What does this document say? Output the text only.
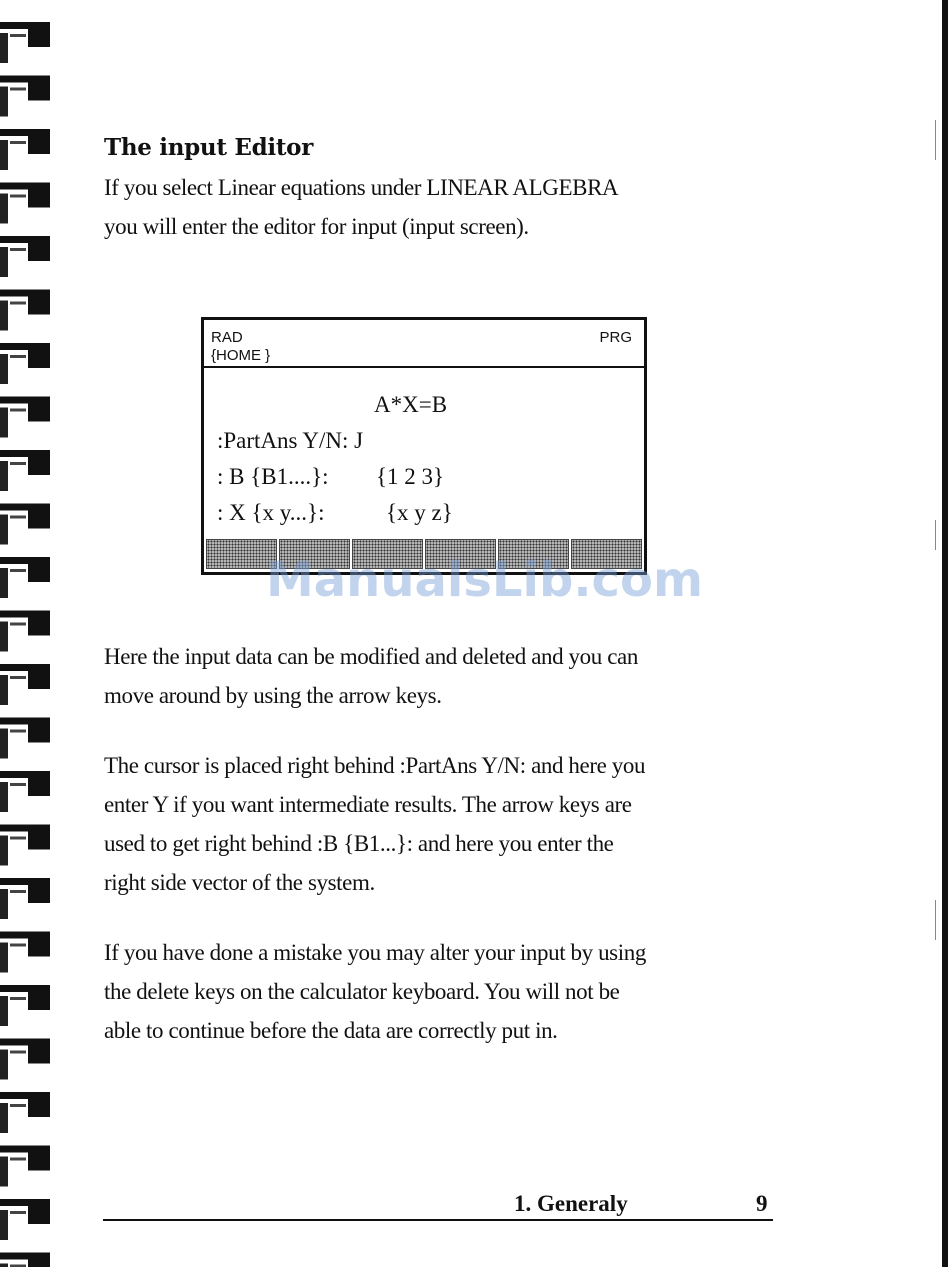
The input Editor
If you select Linear equations under LINEAR ALGEBRA
you will enter the editor for input (input screen).
RAD
{HOME }
PRG
A*X=B
:PartAns Y/N: J
: B {B1....}: {1 2 3}
: X {x y...}:	{x y z}
ManualsLib.com
Here the input data can be modified and deleted and you can
move around by using the arrow keys.
The cursor is placed right behind :PartAns Y/N: and here you
enter Y if you want intermediate results. The arrow keys are
used to get right behind :B {B1...}: and here you enter the
right side vector of the system.
If you have done a mistake you may alter your input by using
the delete keys on the calculator keyboard. You will not be
able to continue before the data are correctly put in.
1. Generaly	9
